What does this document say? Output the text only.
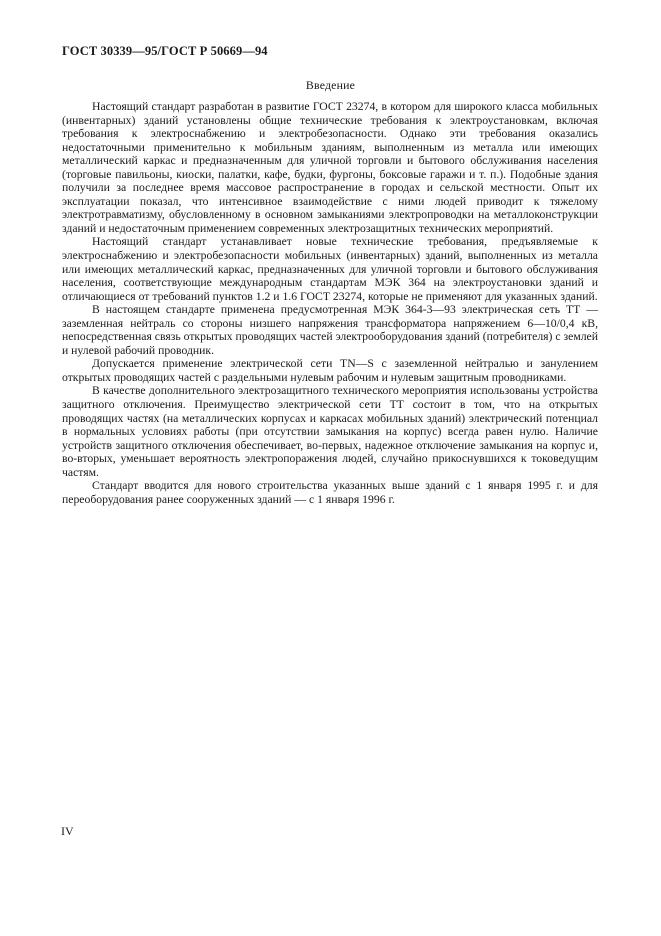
ГОСТ 30339—95/ГОСТ Р 50669—94
Введение

Настоящий стандарт разработан в развитие ГОСТ 23274, в котором для широкого класса мобильных (инвентарных) зданий установлены общие технические требования к электроустановкам, включая требования к электроснабжению и электробезопасности. Однако эти требования оказались недостаточными применительно к мобильным зданиям, выполненным из металла или имеющих металлический каркас и предназначенным для уличной торговли и бытового обслуживания населения (торговые павильоны, киоски, палатки, кафе, будки, фургоны, боксовые гаражи и т. п.). Подобные здания получили за последнее время массовое распространение в городах и сельской местности. Опыт их эксплуатации показал, что интенсивное взаимодействие с ними людей приводит к тяжелому электротравматизму, обусловленному в основном замыканиями электропроводки на металлоконструкции зданий и недостаточным применением современных электрозащитных технических мероприятий.

Настоящий стандарт устанавливает новые технические требования, предъявляемые к электроснабжению и электробезопасности мобильных (инвентарных) зданий, выполненных из металла или имеющих металлический каркас, предназначенных для уличной торговли и бытового обслуживания населения, соответствующие международным стандартам МЭК 364 на электроустановки зданий и отличающиеся от требований пунктов 1.2 и 1.6 ГОСТ 23274, которые не применяют для указанных зданий.

В настоящем стандарте применена предусмотренная МЭК 364-3—93 электрическая сеть ТТ — заземленная нейтраль со стороны низшего напряжения трансформатора напряжением 6—10/0,4 кВ, непосредственная связь открытых проводящих частей электрооборудования зданий (потребителя) с землей и нулевой рабочий проводник.

Допускается применение электрической сети TN—S с заземленной нейтралью и занулением открытых проводящих частей с раздельными нулевым рабочим и нулевым защитным проводниками.

В качестве дополнительного электрозащитного технического мероприятия использованы устройства защитного отключения. Преимущество электрической сети ТТ состоит в том, что на открытых проводящих частях (на металлических корпусах и каркасах мобильных зданий) электрический потенциал в нормальных условиях работы (при отсутствии замыкания на корпус) всегда равен нулю. Наличие устройств защитного отключения обеспечивает, во-первых, надежное отключение замыкания на корпус и, во-вторых, уменьшает вероятность электропоражения людей, случайно прикоснувшихся к токоведущим частям.

Стандарт вводится для нового строительства указанных выше зданий с 1 января 1995 г. и для переоборудования ранее сооруженных зданий — с 1 января 1996 г.

IV
